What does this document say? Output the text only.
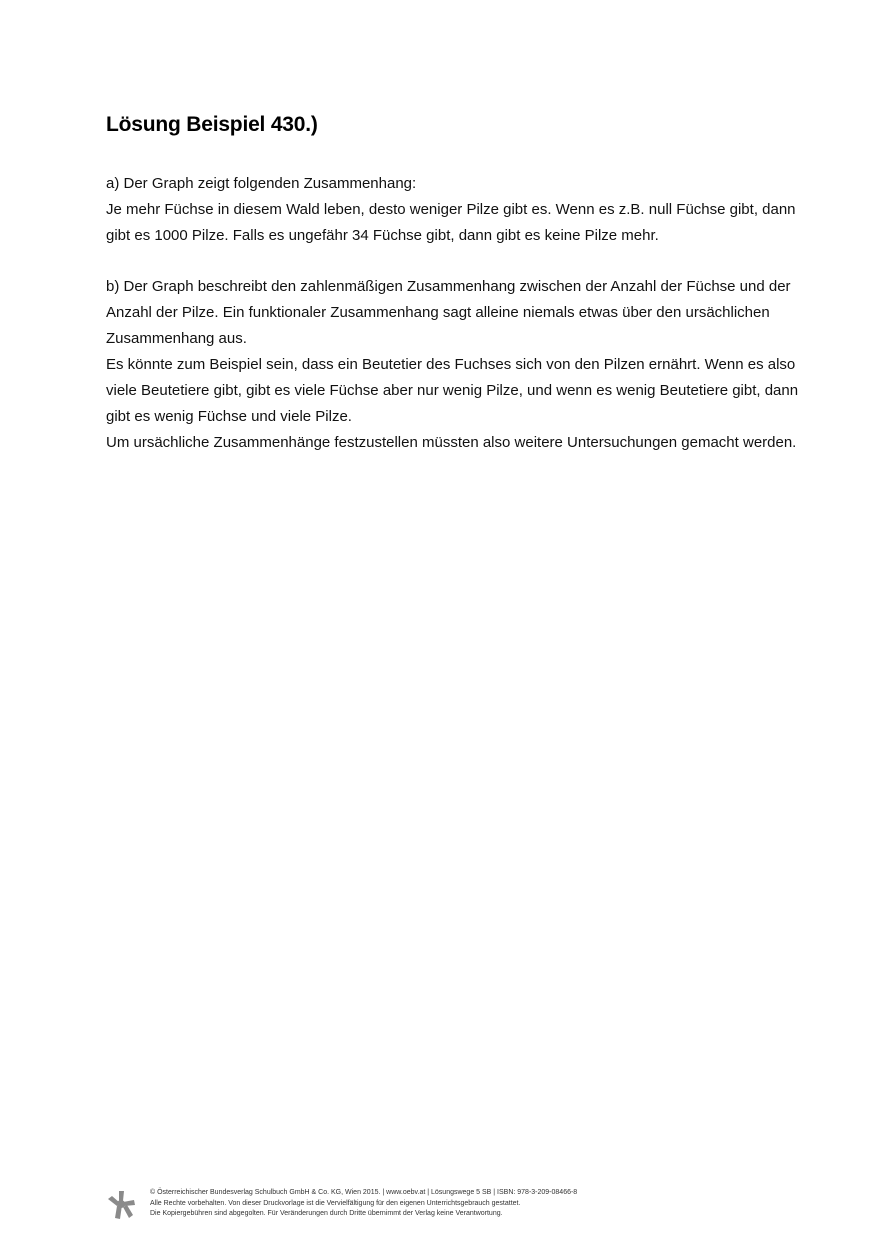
Lösung Beispiel 430.)

a) Der Graph zeigt folgenden Zusammenhang:

Je mehr Füchse in diesem Wald leben, desto weniger Pilze gibt es. Wenn es z.B. null Füchse gibt, dann gibt es 1000 Pilze. Falls es ungefähr 34 Füchse gibt, dann gibt es keine Pilze mehr.

b) Der Graph beschreibt den zahlenmäßigen Zusammenhang zwischen der Anzahl der Füchse und der Anzahl der Pilze. Ein funktionaler Zusammenhang sagt alleine niemals etwas über den ursächlichen Zusammenhang aus.

Es könnte zum Beispiel sein, dass ein Beutetier des Fuchses sich von den Pilzen ernährt. Wenn es also viele Beutetiere gibt, gibt es viele Füchse aber nur wenig Pilze, und wenn es wenig Beutetiere gibt, dann gibt es wenig Füchse und viele Pilze.

Um ursächliche Zusammenhänge festzustellen müssten also weitere Untersuchungen gemacht werden.

© Österreichischer Bundesverlag Schulbuch GmbH & Co. KG, Wien 2015. | www.oebv.at | Lösungswege 5 SB | ISBN: 978-3-209-08466-8
Alle Rechte vorbehalten. Von dieser Druckvorlage ist die Vervielfältigung für den eigenen Unterrichtsgebrauch gestattet.
Die Kopiergebühren sind abgegolten. Für Veränderungen durch Dritte übernimmt der Verlag keine Verantwortung.
